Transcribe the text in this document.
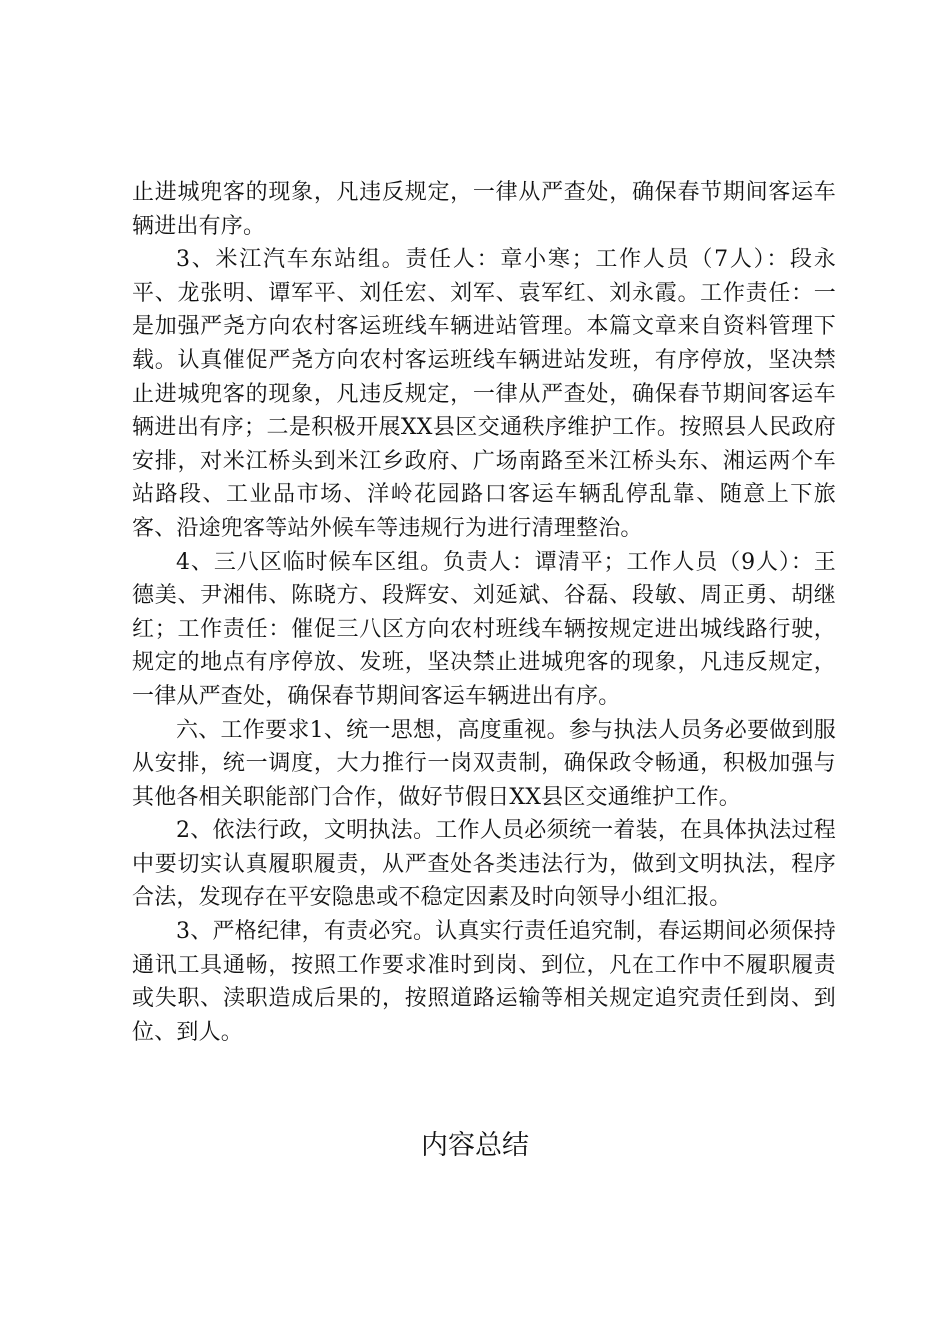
止进城兜客的现象，凡违反规定，一律从严查处，确保春节期间客运车辆进出有序。

3、米江汽车东站组。责任人：章小寒；工作人员（7人）：段永平、龙张明、谭军平、刘任宏、刘军、袁军红、刘永霞。工作责任：一是加强严尧方向农村客运班线车辆进站管理。本篇文章来自资料管理下载。认真催促严尧方向农村客运班线车辆进站发班，有序停放，坚决禁止进城兜客的现象，凡违反规定，一律从严查处，确保春节期间客运车辆进出有序；二是积极开展XX县区交通秩序维护工作。按照县人民政府安排，对米江桥头到米江乡政府、广场南路至米江桥头东、湘运两个车站路段、工业品市场、洋岭花园路口客运车辆乱停乱靠、随意上下旅客、沿途兜客等站外候车等违规行为进行清理整治。

4、三八区临时候车区组。负责人：谭清平；工作人员（9人）：王德美、尹湘伟、陈晓方、段辉安、刘延斌、谷磊、段敏、周正勇、胡继红；工作责任：催促三八区方向农村班线车辆按规定进出城线路行驶，规定的地点有序停放、发班，坚决禁止进城兜客的现象，凡违反规定，一律从严查处，确保春节期间客运车辆进出有序。

六、工作要求1、统一思想，高度重视。参与执法人员务必要做到服从安排，统一调度，大力推行一岗双责制，确保政令畅通，积极加强与其他各相关职能部门合作，做好节假日XX县区交通维护工作。

2、依法行政，文明执法。工作人员必须统一着装，在具体执法过程中要切实认真履职履责，从严查处各类违法行为，做到文明执法，程序合法，发现存在平安隐患或不稳定因素及时向领导小组汇报。

3、严格纪律，有责必究。认真实行责任追究制，春运期间必须保持通讯工具通畅，按照工作要求准时到岗、到位，凡在工作中不履职履责或失职、渎职造成后果的，按照道路运输等相关规定追究责任到岗、到位、到人。

内容总结
